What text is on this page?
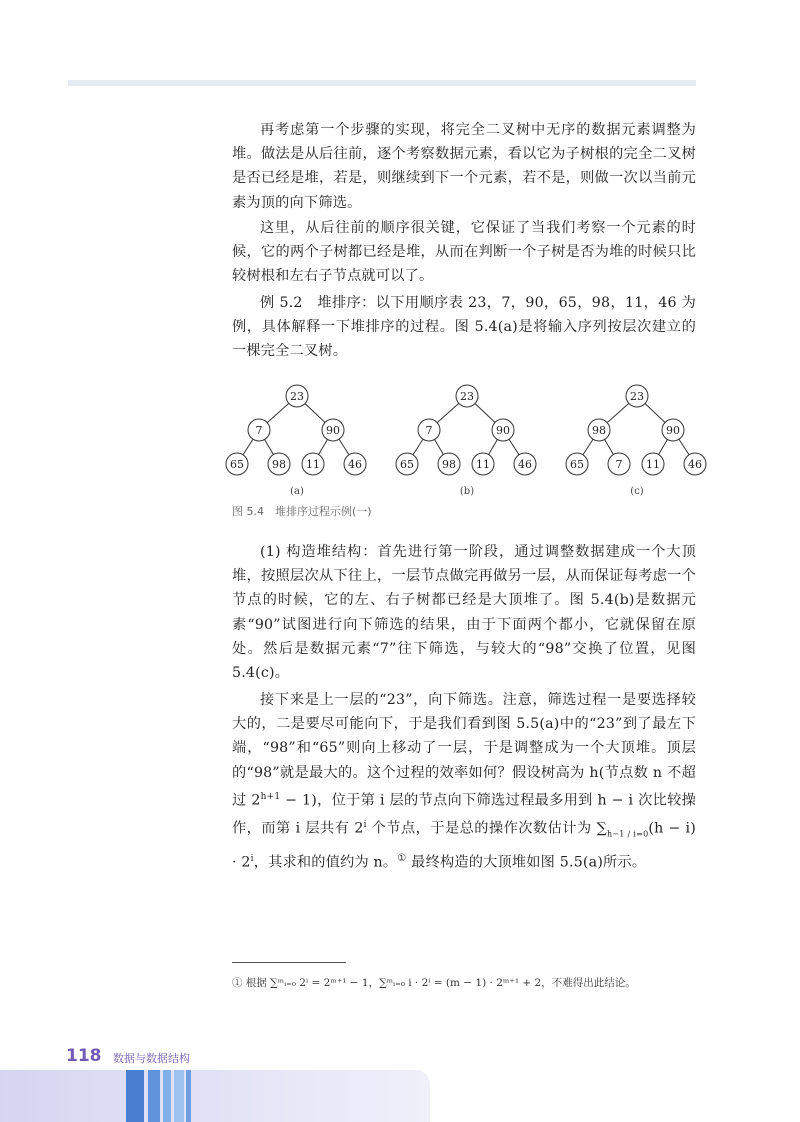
再考虑第一个步骤的实现，将完全二叉树中无序的数据元素调整为堆。做法是从后往前，逐个考察数据元素，看以它为子树根的完全二叉树是否已经是堆，若是，则继续到下一个元素，若不是，则做一次以当前元素为顶的向下筛选。

这里，从后往前的顺序很关键，它保证了当我们考察一个元素的时候，它的两个子树都已经是堆，从而在判断一个子树是否为堆的时候只比较树根和左右子节点就可以了。

例 5.2　堆排序：以下用顺序表 23，7，90，65，98，11，46 为例，具体解释一下堆排序的过程。图 5.4(a)是将输入序列按层次建立的一棵完全二叉树。

23
7	90
65	98 11	46
(a)
23
7	90
65	98 11	46
(b)
23
98	90
65	7 11	46
(c)
图 5.4　堆排序过程示例(一)

(1) 构造堆结构：首先进行第一阶段，通过调整数据建成一个大顶堆，按照层次从下往上，一层节点做完再做另一层，从而保证每考虑一个节点的时候，它的左、右子树都已经是大顶堆了。图 5.4(b)是数据元素“90”试图进行向下筛选的结果，由于下面两个都小，它就保留在原处。然后是数据元素“7”往下筛选，与较大的“98”交换了位置，见图 5.4(c)。

接下来是上一层的“23”，向下筛选。注意，筛选过程一是要选择较大的，二是要尽可能向下，于是我们看到图 5.5(a)中的“23”到了最左下端，“98”和“65”则向上移动了一层，于是调整成为一个大顶堆。顶层的“98”就是最大的。这个过程的效率如何？假设树高为 h(节点数 n 不超过 $2^{h+1} - 1$)，位于第 i 层的节点向下筛选过程最多用到 h − i 次比较操作，而第 i 层共有 2$^i$ 个节点，于是总的操作次数估计为 $\sum_{h-1 / i=0}(h - i) \cdot 2^i$，其求和的值约为 n。① 最终构造的大顶堆如图 5.5(a)所示。

① 根据 ∑ᵐᵢ₌₀ 2ⁱ = 2ᵐ⁺¹ − 1，∑ᵐᵢ₌₀ i · 2ⁱ = (m − 1) · 2ᵐ⁺¹ + 2，不难得出此结论。
118 数据与数据结构
